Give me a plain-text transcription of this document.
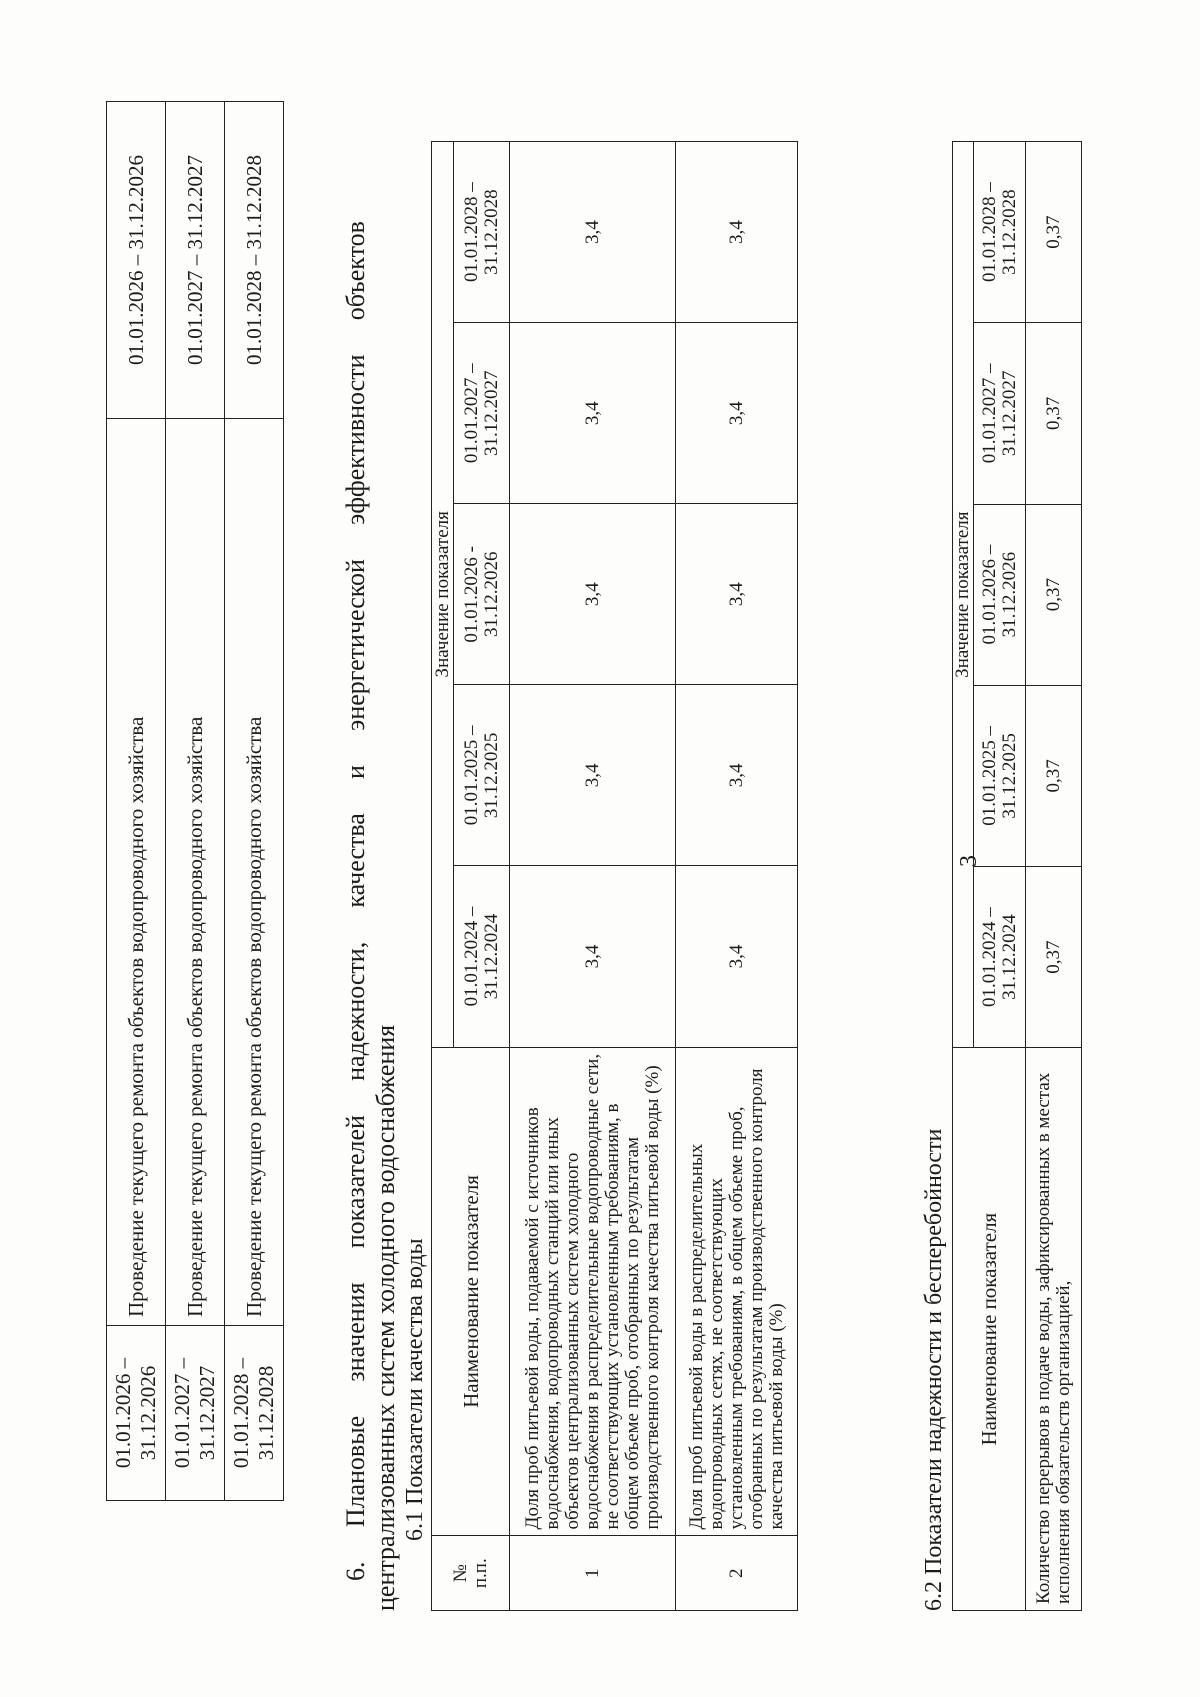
3
01.01.2026 –
31.12.2026	Проведение текущего ремонта объектов водопроводного хозяйства	01.01.2026 – 31.12.2026
01.01.2027 –
31.12.2027	Проведение текущего ремонта объектов водопроводного хозяйства	01.01.2027 – 31.12.2027
01.01.2028 –
31.12.2028	Проведение текущего ремонта объектов водопроводного хозяйства	01.01.2028 – 31.12.2028
6.
Плановые
значения
показателей
надежности,
качества
и
энергетической
эффективности
объектов
централизованных систем холодного водоснабжения 6.1 Показатели качества воды
№
п.п.	Наименование показателя	Значение показателя				
		01.01.2024 –
31.12.2024	01.01.2025 –
31.12.2025	01.01.2026 -
31.12.2026	01.01.2027 –
31.12.2027	01.01.2028 –
31.12.2028
1	Доля проб питьевой воды, подаваемой с источников водоснабжения, водопроводных станций или иных объектов централизованных систем холодного водоснабжения в распределительные водопроводные сети, не соответствующих установленным требованиям, в общем объеме проб, отобранных по результатам производственного контроля качества питьевой воды (%)	3,4	3,4	3,4	3,4	3,4
2	Доля проб питьевой воды в распределительных водопроводных сетях, не соответствующих установленным требованиям, в общем объеме проб, отобранных по результатам производственного контроля качества питьевой воды (%)	3,4	3,4	3,4	3,4	3,4
6.2 Показатели надежности и бесперебойности Наименование показателя	Значение показателя				
	01.01.2024 –
31.12.2024	01.01.2025 –
31.12.2025	01.01.2026 –
31.12.2026	01.01.2027 –
31.12.2027	01.01.2028 –
31.12.2028
Количество перерывов в подаче воды, зафиксированных в местах исполнения обязательств организацией,	0,37	0,37	0,37	0,37	0,37
